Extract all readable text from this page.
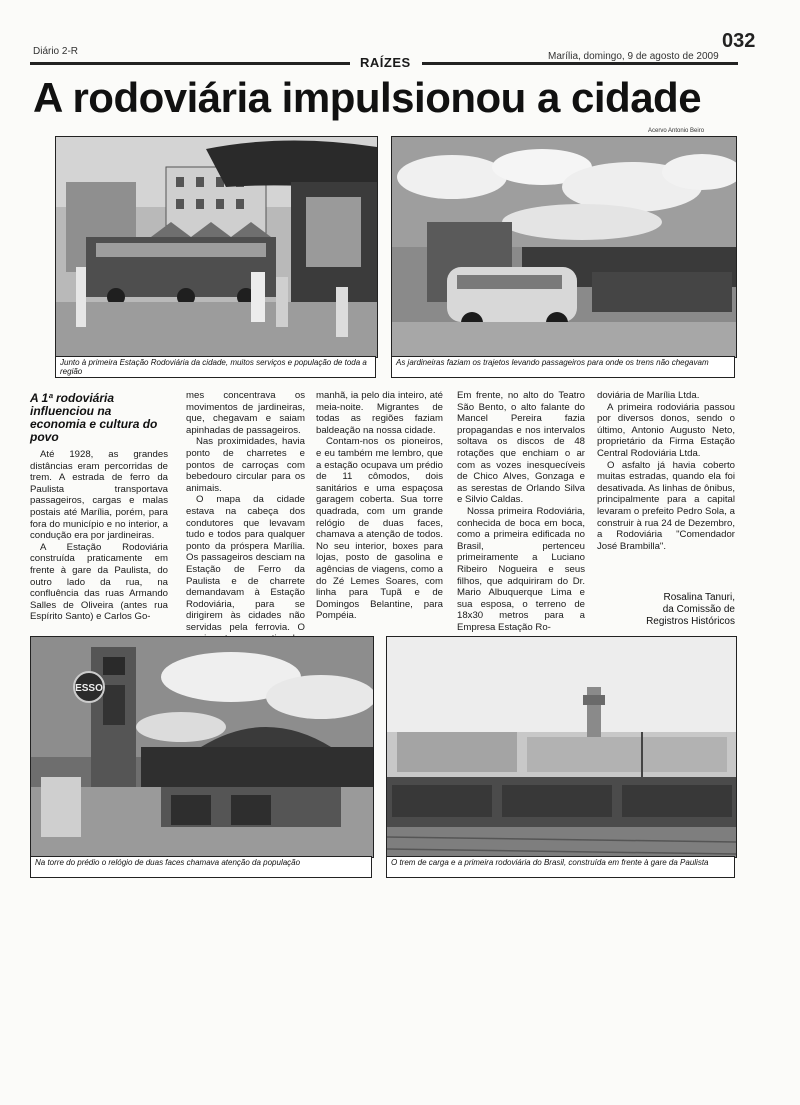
Diário 2-R	Marília, domingo, 9 de agosto de 2009
032
RAÍZES
A rodoviária impulsionou a cidade
Acervo Antonio Beiro
Junto à primeira Estação Rodoviária da cidade, muitos serviços e população de toda a região
As jardineiras faziam os trajetos levando passageiros para onde os trens não chegavam
A 1ª rodoviária influenciou na economia e cultura do povo

Até 1928, as grandes distâncias eram percorridas de trem. A estrada de ferro da Paulista transportava passageiros, cargas e malas postais até Marília, porém, para fora do município e no interior, a condução era por jardineiras.

A Estação Rodoviária construída praticamente em frente à gare da Paulista, do outro lado da rua, na confluência das ruas Armando Salles de Oliveira (antes rua Espírito Santo) e Carlos Go-

mes concentrava os movimentos de jardineiras, que, chegavam e saiam apinhadas de passageiros.

Nas proximidades, havia ponto de charretes e pontos de carroças com bebedouro circular para os animais.

O mapa da cidade estava na cabeça dos condutores que levavam tudo e todos para qualquer ponto da próspera Marília. Os passageiros desciam na Estação de Ferro da Paulista e de charrete demandavam à Estação Rodoviária, para se dirigirem às cidades não servidas pela ferrovia. O

manhã, ia pelo dia inteiro, até meia-noite. Migrantes de todas as regiões faziam baldeação na nossa cidade.

Contam-nos os pioneiros, e eu também me lembro, que a estação ocupava um prédio de 11 cômodos, dois sanitários e uma espaçosa garagem coberta. Sua torre quadrada, com um grande relógio de duas faces, chamava a atenção de todos. No seu interior, boxes para lojas, posto de gasolina e agências de viagens, como a do Zé Lemes Soares, com linha para Tupã e de Domingos Belantine, para Pompéia.

Em frente, no alto do Teatro São Bento, o alto falante do Mancel Pereira fazia propagandas e nos intervalos soltava os discos de 48 rotações que enchiam o ar com as vozes inesquecíveis de Chico Alves, Gonzaga e as serestas de Orlando Silva e Silvio Caldas.

Nossa primeira Rodoviária, conhecida de boca em boca, como a primeira edificada no Brasil, pertenceu primeiramente a Luciano Ribeiro Nogueira e seus filhos, que adquiriram do Dr. Mario Albuquerque Lima e sua esposa, o terreno de 18x30 metros para a Empresa Estação Ro-

doviária de Marília Ltda.

A primeira rodoviária passou por diversos donos, sendo o último, Antonio Augusto Neto, proprietário da Firma Estação Central Rodoviária Ltda.

O asfalto já havia coberto muitas estradas, quando ela foi desativada. As linhas de ônibus, principalmente para a capital levaram o prefeito Pedro Sola, a construir à rua 24 de Dezembro, a Rodoviária "Comendador José Brambilla".

Rosalina Tanuri,
da Comissão de
Registros Históricos
ESSO
Na torre do prédio o relógio de duas faces chamava atenção da população	O trem de carga e a primeira rodoviária do Brasil, construída em frente à gare da Paulista
